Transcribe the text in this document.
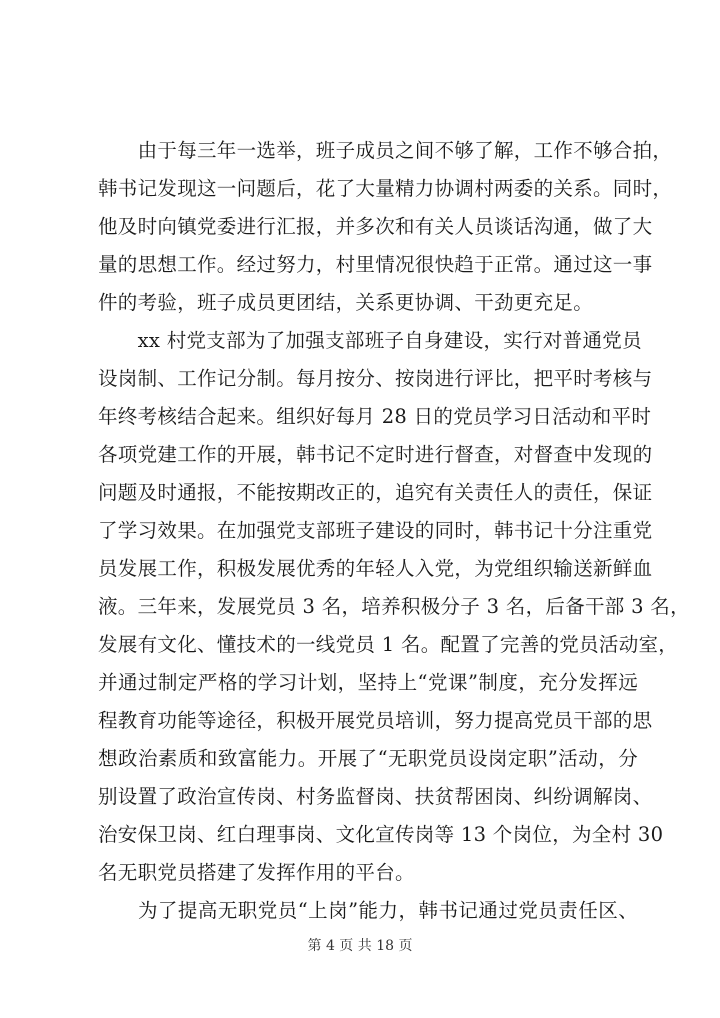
　　由于每三年一选举，班子成员之间不够了解，工作不够合拍，
韩书记发现这一问题后，花了大量精力协调村两委的关系。同时，
他及时向镇党委进行汇报，并多次和有关人员谈话沟通，做了大
量的思想工作。经过努力，村里情况很快趋于正常。通过这一事
件的考验，班子成员更团结，关系更协调、干劲更充足。
　　xx 村党支部为了加强支部班子自身建设，实行对普通党员
设岗制、工作记分制。每月按分、按岗进行评比，把平时考核与
年终考核结合起来。组织好每月 28 日的党员学习日活动和平时
各项党建工作的开展，韩书记不定时进行督查，对督查中发现的
问题及时通报，不能按期改正的，追究有关责任人的责任，保证
了学习效果。在加强党支部班子建设的同时，韩书记十分注重党
员发展工作，积极发展优秀的年轻人入党，为党组织输送新鲜血
液。三年来，发展党员 3 名，培养积极分子 3 名，后备干部 3 名，
发展有文化、懂技术的一线党员 1 名。配置了完善的党员活动室，
并通过制定严格的学习计划，坚持上“党课”制度，充分发挥远
程教育功能等途径，积极开展党员培训，努力提高党员干部的思
想政治素质和致富能力。开展了“无职党员设岗定职”活动，分
别设置了政治宣传岗、村务监督岗、扶贫帮困岗、纠纷调解岗、
治安保卫岗、红白理事岗、文化宣传岗等 13 个岗位，为全村 30
名无职党员搭建了发挥作用的平台。
　　为了提高无职党员“上岗”能力，韩书记通过党员责任区、
第 4 页 共 18 页
